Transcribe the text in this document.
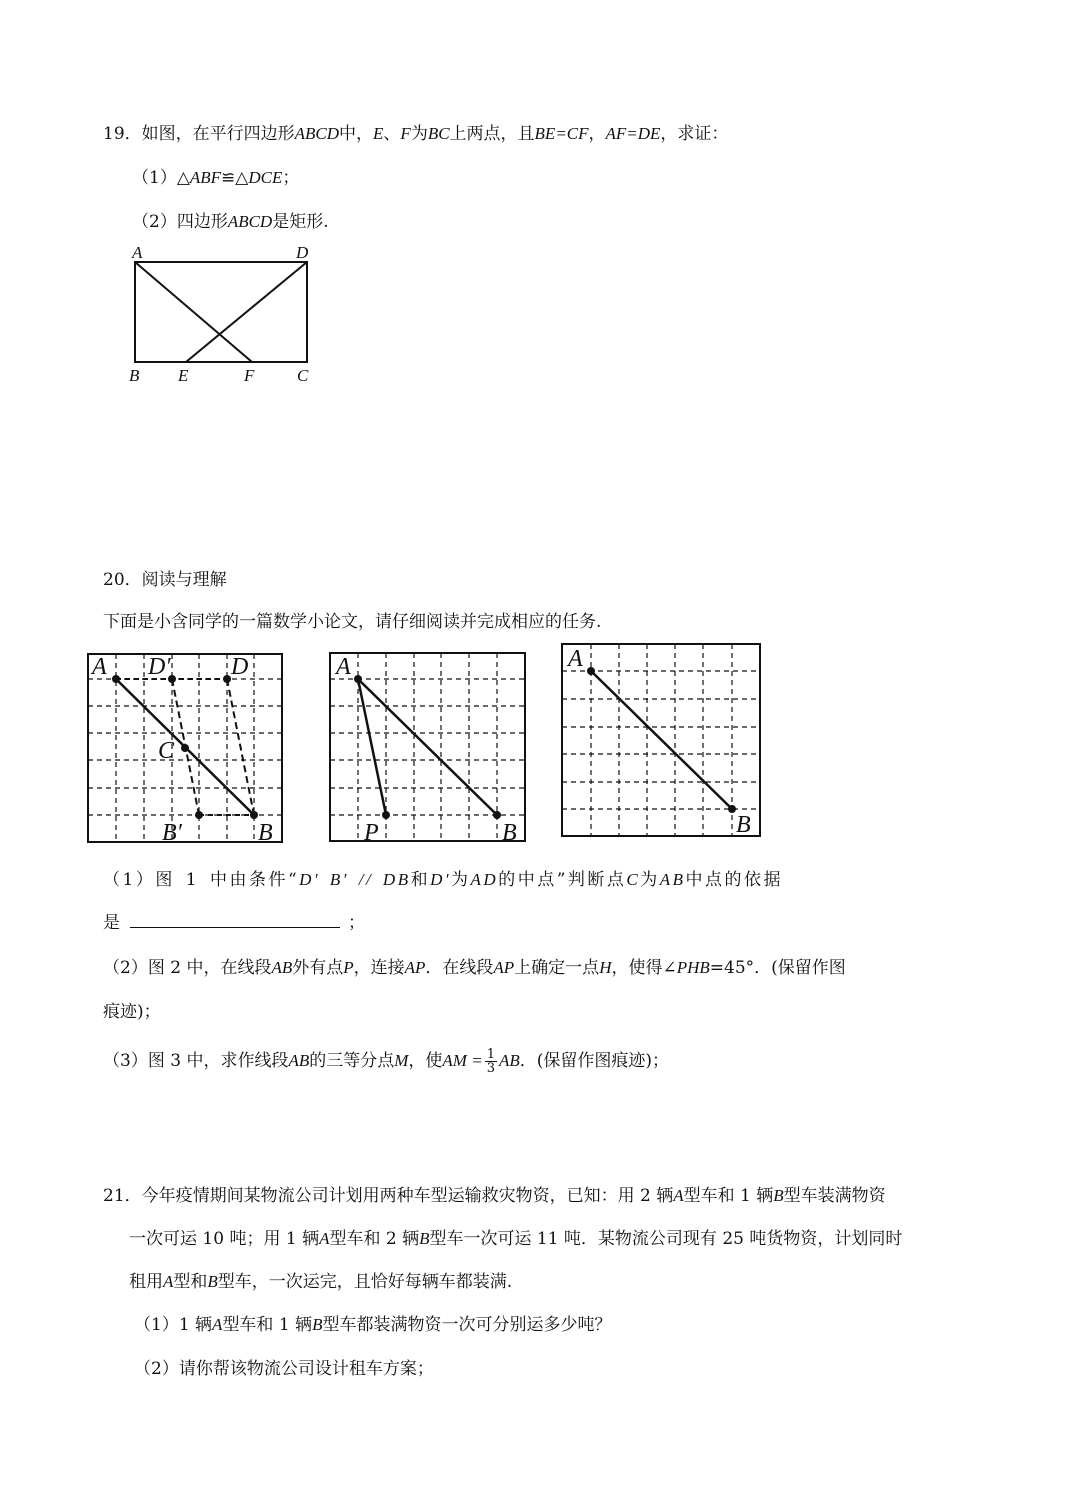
19．如图，在平行四边形ABCD中，E、F为BC上两点，且BE=CF，AF=DE，求证：
（1）△ABF≌△DCE；
（2）四边形ABCD是矩形.
A	D
B E	F	C
20．阅读与理解
下面是小含同学的一篇数学小论文，请仔细阅读并完成相应的任务.
A D′	D
C
B′	B
A
P	B
A
B
（1）图 1 中由条件“D′ B′ // DB和D'为AD的中点”判断点C为AB中点的依据
是	；
（2）图 2 中，在线段AB外有点P，连接AP．在线段AP上确定一点H，使得∠PHB=45°．(保留作图
痕迹)；
（3）图 3 中，求作线段AB的三等分点M，使AM = $\frac{1}{3}$ AB．(保留作图痕迹)；
21．今年疫情期间某物流公司计划用两种车型运输救灾物资，已知：用 2 辆A型车和 1 辆B型车装满物资
一次可运 10 吨；用 1 辆A型车和 2 辆B型车一次可运 11 吨．某物流公司现有 25 吨货物资，计划同时
租用A型和B型车，一次运完，且恰好每辆车都装满.
（1）1 辆A型车和 1 辆B型车都装满物资一次可分别运多少吨？
（2）请你帮该物流公司设计租车方案；
